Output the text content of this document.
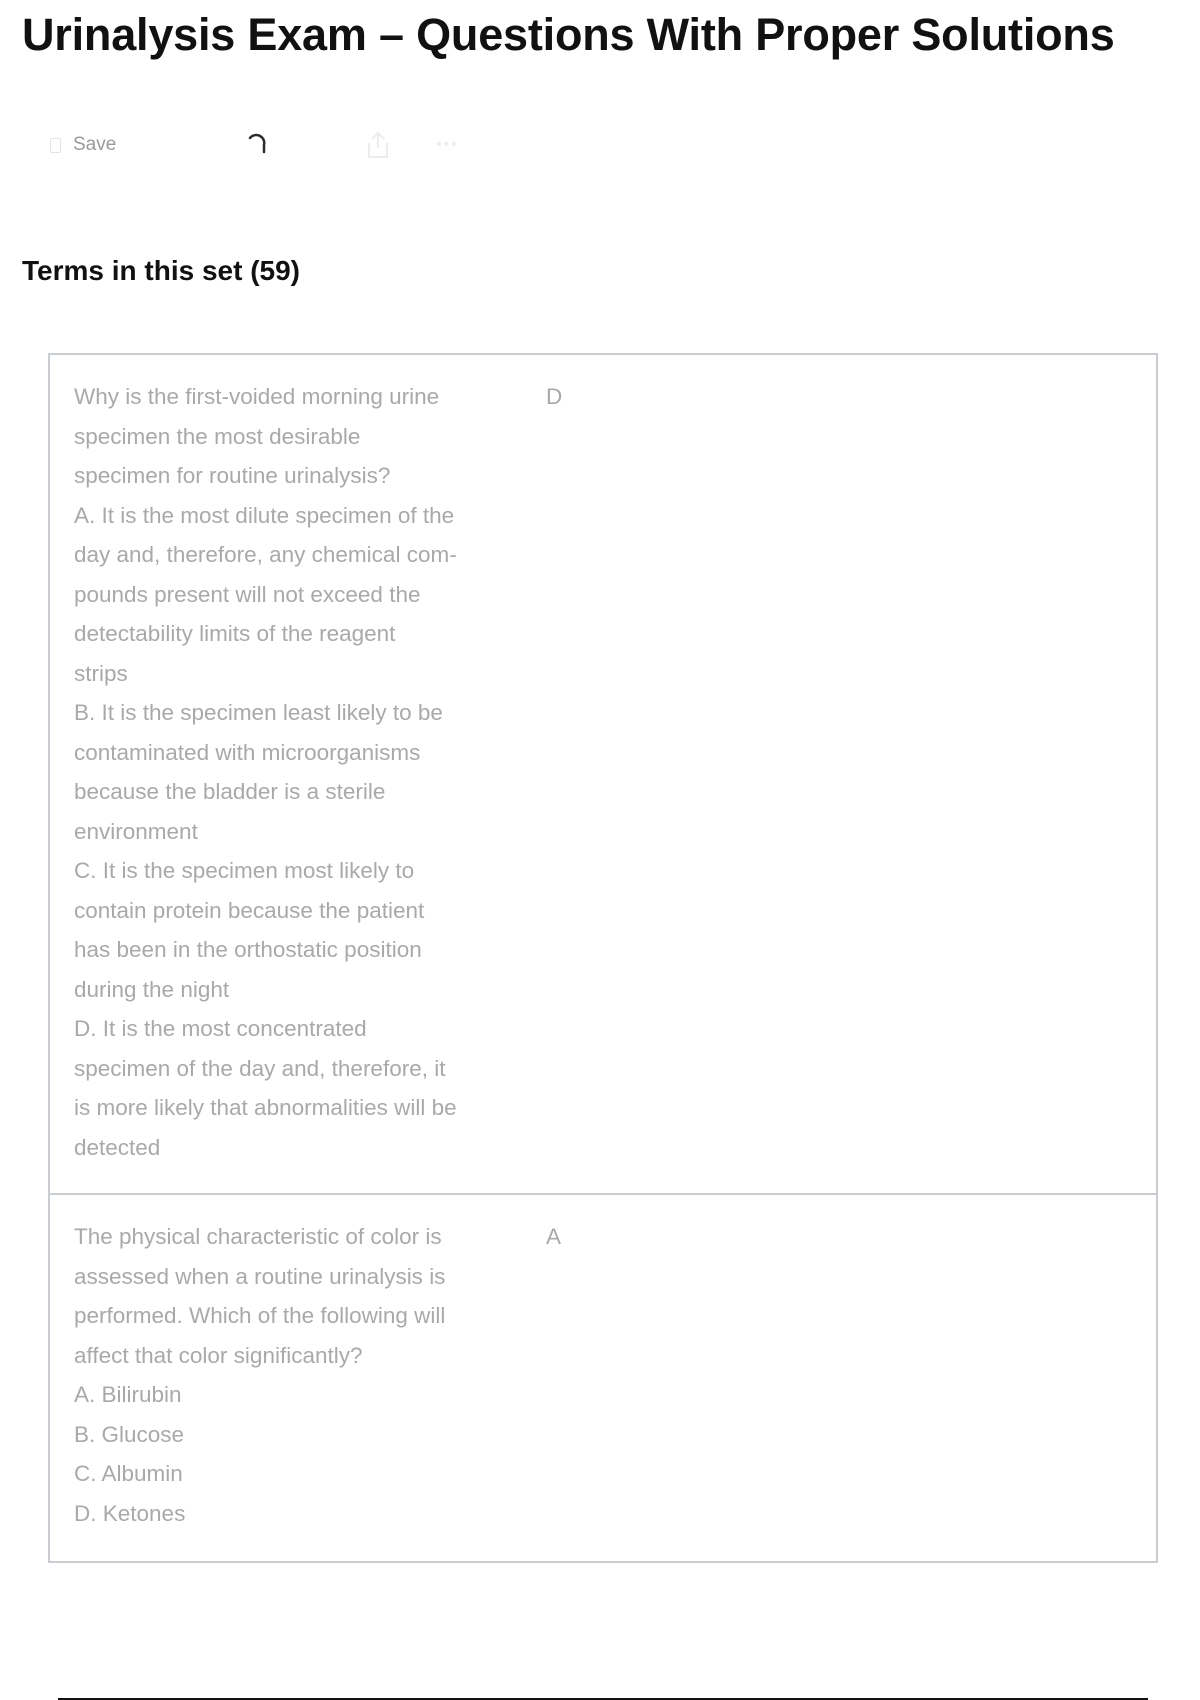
Urinalysis Exam – Questions With Proper Solutions
Save	•••
Terms in this set (59)

Why is the first-voided morning urine
specimen the most desirable
specimen for routine urinalysis?
A. It is the most dilute specimen of the
day and, therefore, any chemical com-
pounds present will not exceed the
detectability limits of the reagent
strips
B. It is the specimen least likely to be
contaminated with microorganisms
because the bladder is a sterile
environment
C. It is the specimen most likely to
contain protein because the patient
has been in the orthostatic position
during the night
D. It is the most concentrated
specimen of the day and, therefore, it
is more likely that abnormalities will be
detected

D

The physical characteristic of color is
assessed when a routine urinalysis is
performed. Which of the following will
affect that color significantly?
A. Bilirubin
B. Glucose
C. Albumin
D. Ketones

A
